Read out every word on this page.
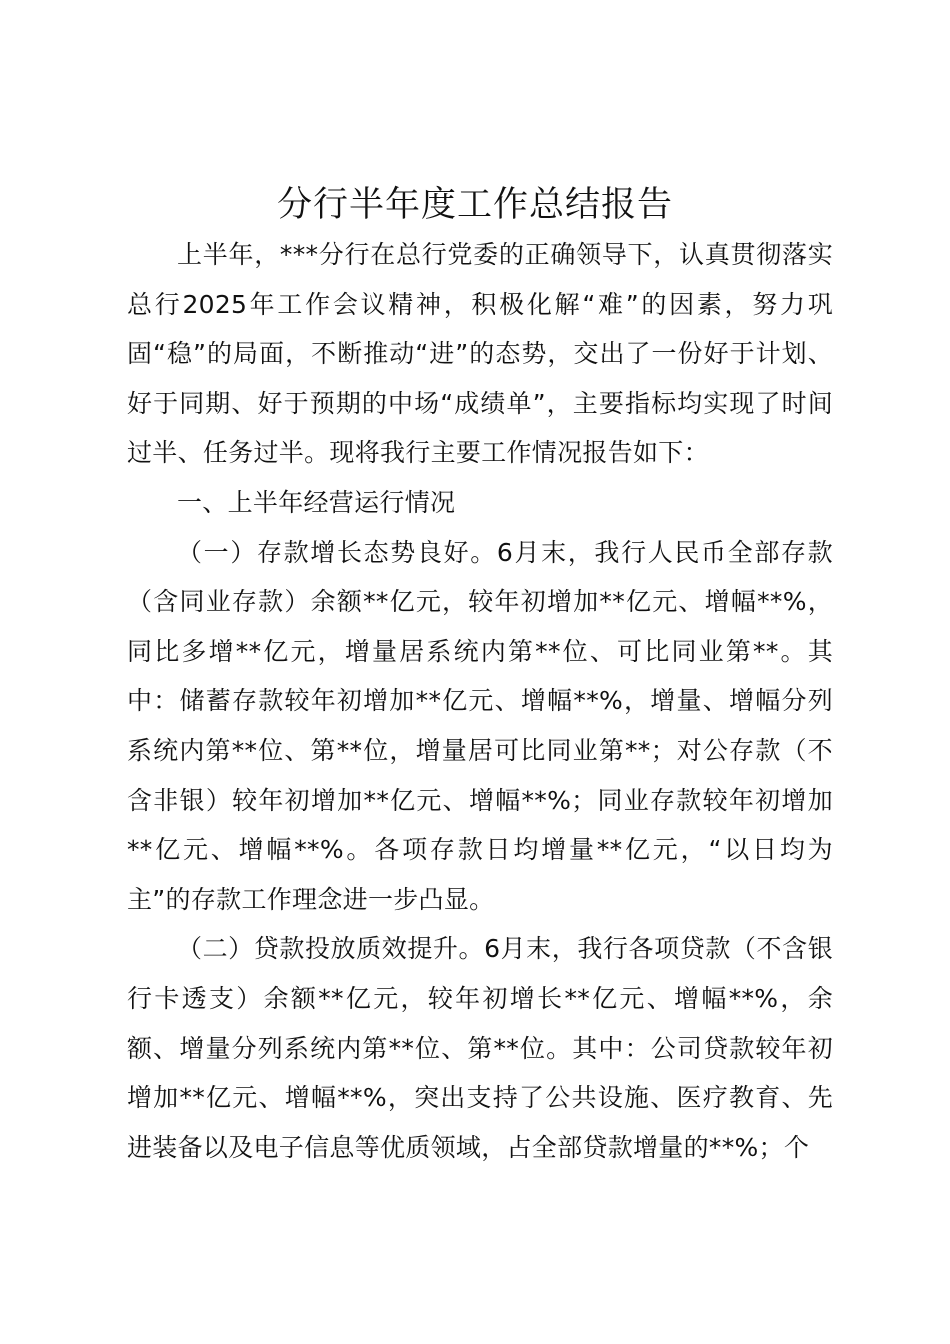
分行半年度工作总结报告

上半年，***分行在总行党委的正确领导下，认真贯彻落实总行2025年工作会议精神，积极化解“难”的因素，努力巩固“稳”的局面，不断推动“进”的态势，交出了一份好于计划、好于同期、好于预期的中场“成绩单”，主要指标均实现了时间过半、任务过半。现将我行主要工作情况报告如下：

一、上半年经营运行情况

（一）存款增长态势良好。6月末，我行人民币全部存款（含同业存款）余额**亿元，较年初增加**亿元、增幅**%，同比多增**亿元，增量居系统内第**位、可比同业第**。其中：储蓄存款较年初增加**亿元、增幅**%，增量、增幅分列系统内第**位、第**位，增量居可比同业第**；对公存款（不含非银）较年初增加**亿元、增幅**%；同业存款较年初增加**亿元、增幅**%。各项存款日均增量**亿元，“以日均为主”的存款工作理念进一步凸显。

（二）贷款投放质效提升。6月末，我行各项贷款（不含银行卡透支）余额**亿元，较年初增长**亿元、增幅**%，余额、增量分列系统内第**位、第**位。其中：公司贷款较年初增加**亿元、增幅**%，突出支持了公共设施、医疗教育、先进装备以及电子信息等优质领域，占全部贷款增量的**%；个
